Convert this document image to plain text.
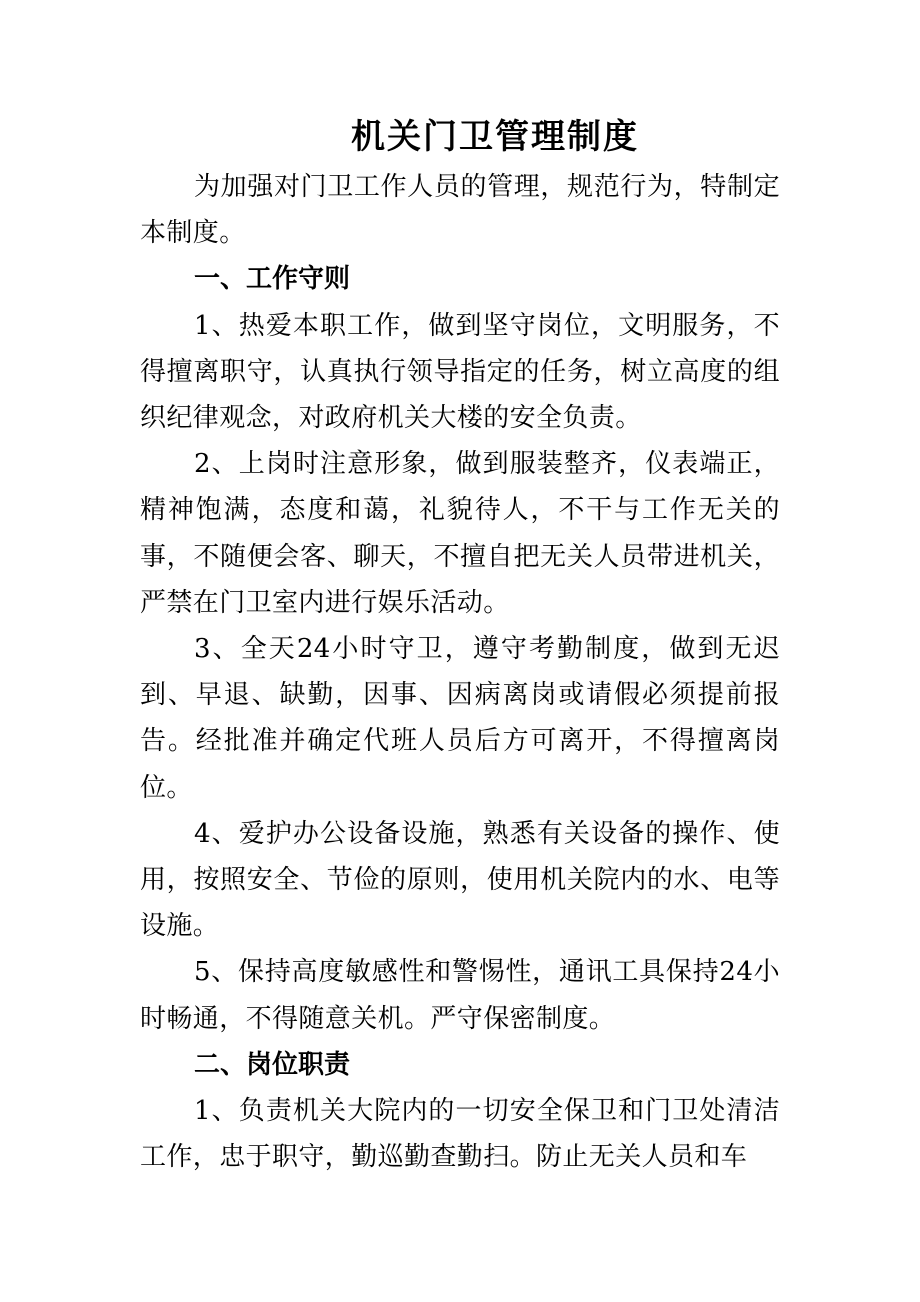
机关门卫管理制度

为加强对门卫工作人员的管理，规范行为，特制定本制度。

一、工作守则

1、热爱本职工作，做到坚守岗位，文明服务，不得擅离职守，认真执行领导指定的任务，树立高度的组织纪律观念，对政府机关大楼的安全负责。

2、上岗时注意形象，做到服装整齐，仪表端正，精神饱满，态度和蔼，礼貌待人，不干与工作无关的事，不随便会客、聊天，不擅自把无关人员带进机关，严禁在门卫室内进行娱乐活动。

3、全天24小时守卫，遵守考勤制度，做到无迟到、早退、缺勤，因事、因病离岗或请假必须提前报告。经批准并确定代班人员后方可离开，不得擅离岗位。

4、爱护办公设备设施，熟悉有关设备的操作、使用，按照安全、节俭的原则，使用机关院内的水、电等设施。

5、保持高度敏感性和警惕性，通讯工具保持24小时畅通，不得随意关机。严守保密制度。

二、岗位职责

1、负责机关大院内的一切安全保卫和门卫处清洁工作，忠于职守，勤巡勤查勤扫。防止无关人员和车
